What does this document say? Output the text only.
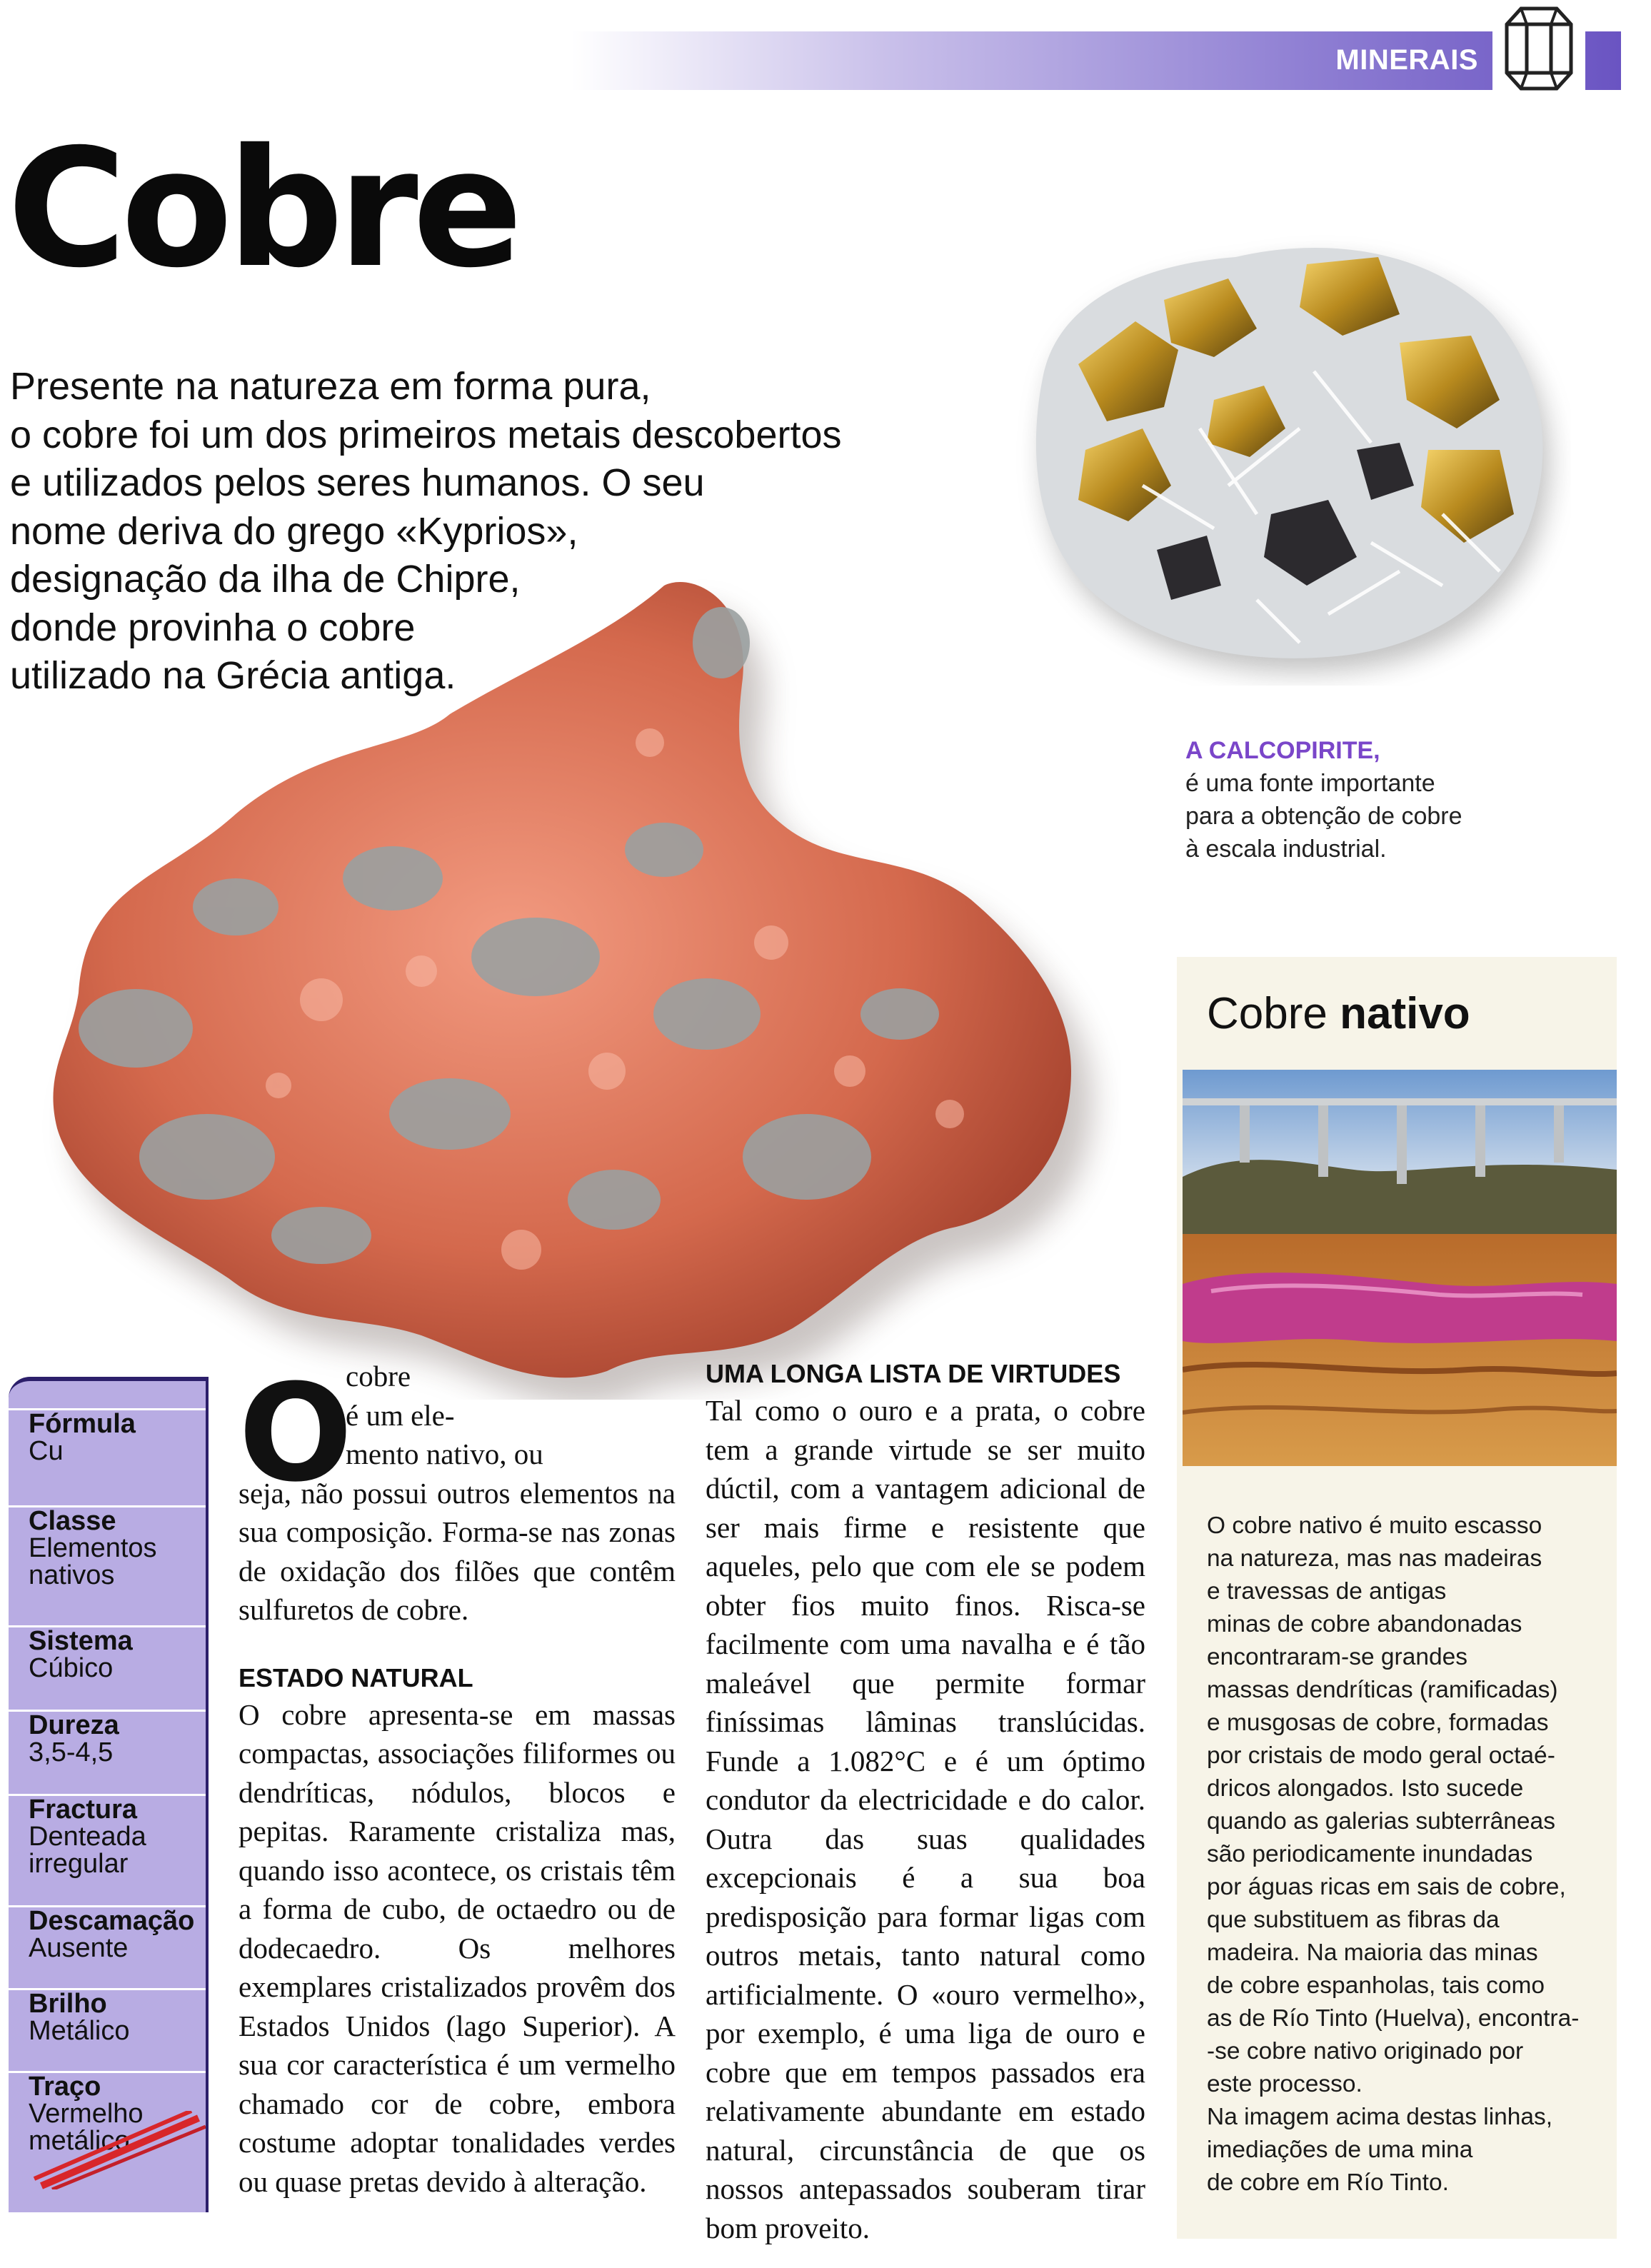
MINERAIS
Cobre
Presente na natureza em forma pura,
o cobre foi um dos primeiros metais descobertos
e utilizados pelos seres humanos. O seu
nome deriva do grego «Kyprios»,
designação da ilha de Chipre,
donde provinha o cobre
utilizado na Grécia antiga.
A CALCOPIRITE,
é uma fonte importante
para a obtenção de cobre
à escala industrial.
Cobre nativo
O cobre nativo é muito escasso
na natureza, mas nas madeiras
e travessas de antigas
minas de cobre abandonadas
encontraram-se grandes
massas dendríticas (ramificadas)
e musgosas de cobre, formadas
por cristais de modo geral octaé-
dricos alongados. Isto sucede
quando as galerias subterrâneas
são periodicamente inundadas
por águas ricas em sais de cobre,
que substituem as fibras da
madeira. Na maioria das minas
de cobre espanholas, tais como
as de Río Tinto (Huelva), encontra-
-se cobre nativo originado por
este processo.
Na imagem acima destas linhas,
imediações de uma mina
de cobre em Río Tinto.
Fórmula
Cu
Classe
Elementos nativos
Sistema
Cúbico
Dureza
3,5-4,5
Fractura
Denteada irregular
Descamação
Ausente
Brilho
Metálico
Traço
Vermelho metálico
O
cobre
é um ele-
mento nativo, ou
seja, não possui outros elementos na sua composição. Forma-se nas zonas de oxidação dos filões que contêm sulfuretos de cobre.
ESTADO NATURAL
O cobre apresenta-se em massas compactas, associações filiformes ou dendríticas, nódulos, blocos e pepitas. Raramente cristaliza mas, quando isso acontece, os cristais têm a forma de cubo, de octaedro ou de dodecaedro. Os melhores exemplares cristalizados provêm dos Estados Unidos (lago Superior). A sua cor característica é um vermelho chamado cor de cobre, embora costume adoptar tonalidades verdes ou quase pretas devido à alteração.
UMA LONGA LISTA DE VIRTUDES
Tal como o ouro e a prata, o cobre tem a grande virtude se ser muito dúctil, com a vantagem adicional de ser mais firme e resistente que aqueles, pelo que com ele se podem obter fios muito finos. Risca-se facilmente com uma navalha e é tão maleável que permite formar finíssimas lâminas translúcidas. Funde a 1.082°C e é um óptimo condutor da electricidade e do calor. Outra das suas qualidades excepcionais é a sua boa predisposição para formar ligas com outros metais, tanto natural como artificialmente. O «ouro vermelho», por exemplo, é uma liga de ouro e cobre que em tempos passados era relativamente abundante em estado natural, circunstância de que os nossos antepassados souberam tirar bom proveito.
